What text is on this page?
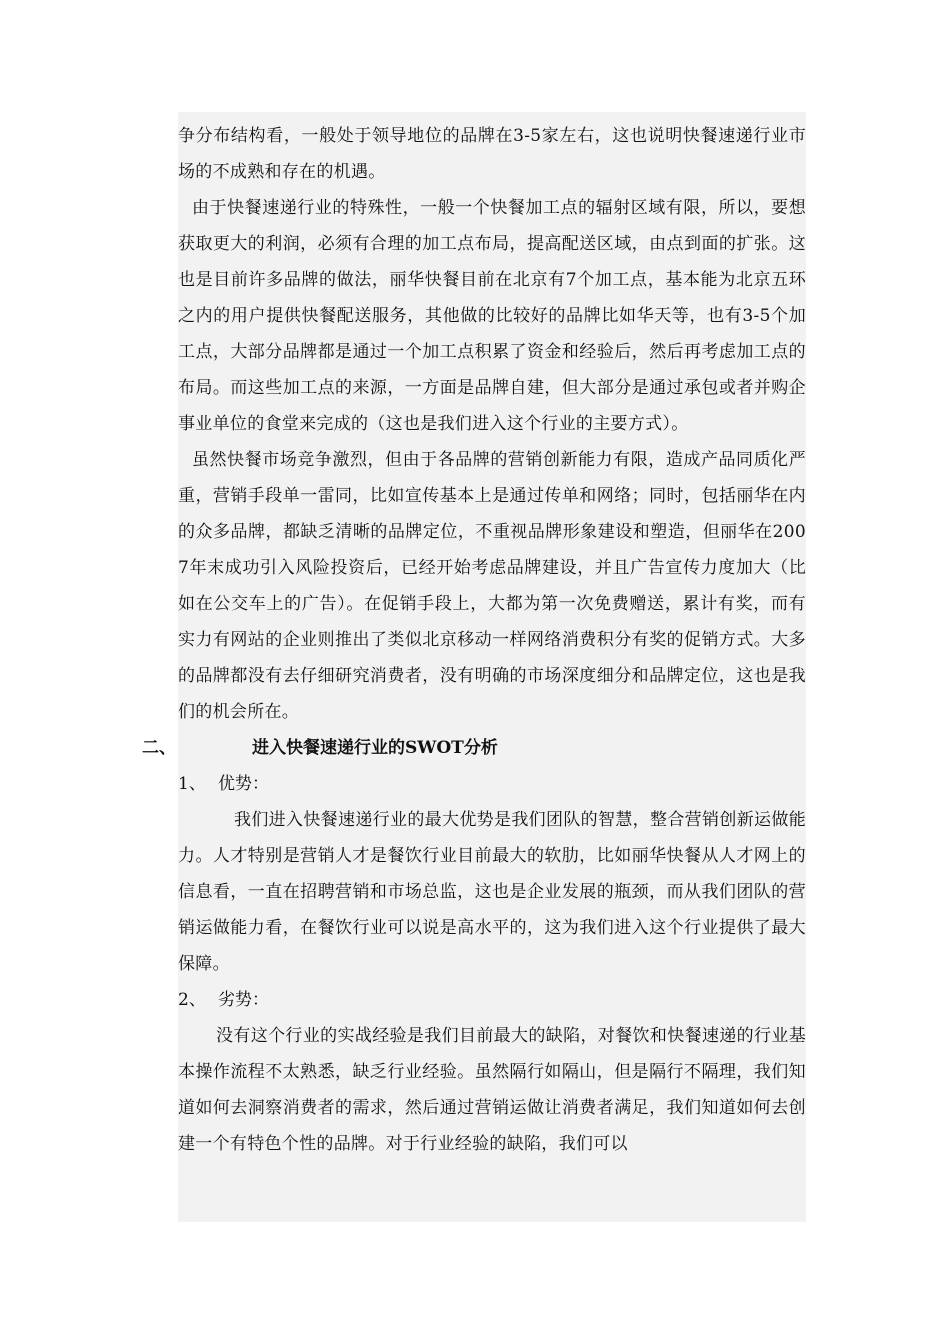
争分布结构看，一般处于领导地位的品牌在3-5家左右，这也说明快餐速递行业市场的不成熟和存在的机遇。

由于快餐速递行业的特殊性，一般一个快餐加工点的辐射区域有限，所以，要想获取更大的利润，必须有合理的加工点布局，提高配送区域，由点到面的扩张。这也是目前许多品牌的做法，丽华快餐目前在北京有7个加工点，基本能为北京五环之内的用户提供快餐配送服务，其他做的比较好的品牌比如华天等，也有3-5个加工点，大部分品牌都是通过一个加工点积累了资金和经验后，然后再考虑加工点的布局。而这些加工点的来源，一方面是品牌自建，但大部分是通过承包或者并购企事业单位的食堂来完成的（这也是我们进入这个行业的主要方式）。

虽然快餐市场竞争激烈，但由于各品牌的营销创新能力有限，造成产品同质化严重，营销手段单一雷同，比如宣传基本上是通过传单和网络；同时，包括丽华在内的众多品牌，都缺乏清晰的品牌定位，不重视品牌形象建设和塑造，但丽华在2007年末成功引入风险投资后，已经开始考虑品牌建设，并且广告宣传力度加大（比如在公交车上的广告）。在促销手段上，大都为第一次免费赠送，累计有奖，而有实力有网站的企业则推出了类似北京移动一样网络消费积分有奖的促销方式。大多的品牌都没有去仔细研究消费者，没有明确的市场深度细分和品牌定位，这也是我们的机会所在。

二、	进入快餐速递行业的SWOT分析
1、 优势：

我们进入快餐速递行业的最大优势是我们团队的智慧，整合营销创新运做能力。人才特别是营销人才是餐饮行业目前最大的软肋，比如丽华快餐从人才网上的信息看，一直在招聘营销和市场总监，这也是企业发展的瓶颈，而从我们团队的营销运做能力看，在餐饮行业可以说是高水平的，这为我们进入这个行业提供了最大保障。

2、 劣势：

没有这个行业的实战经验是我们目前最大的缺陷，对餐饮和快餐速递的行业基本操作流程不太熟悉，缺乏行业经验。虽然隔行如隔山，但是隔行不隔理，我们知道如何去洞察消费者的需求，然后通过营销运做让消费者满足，我们知道如何去创建一个有特色个性的品牌。对于行业经验的缺陷，我们可以
